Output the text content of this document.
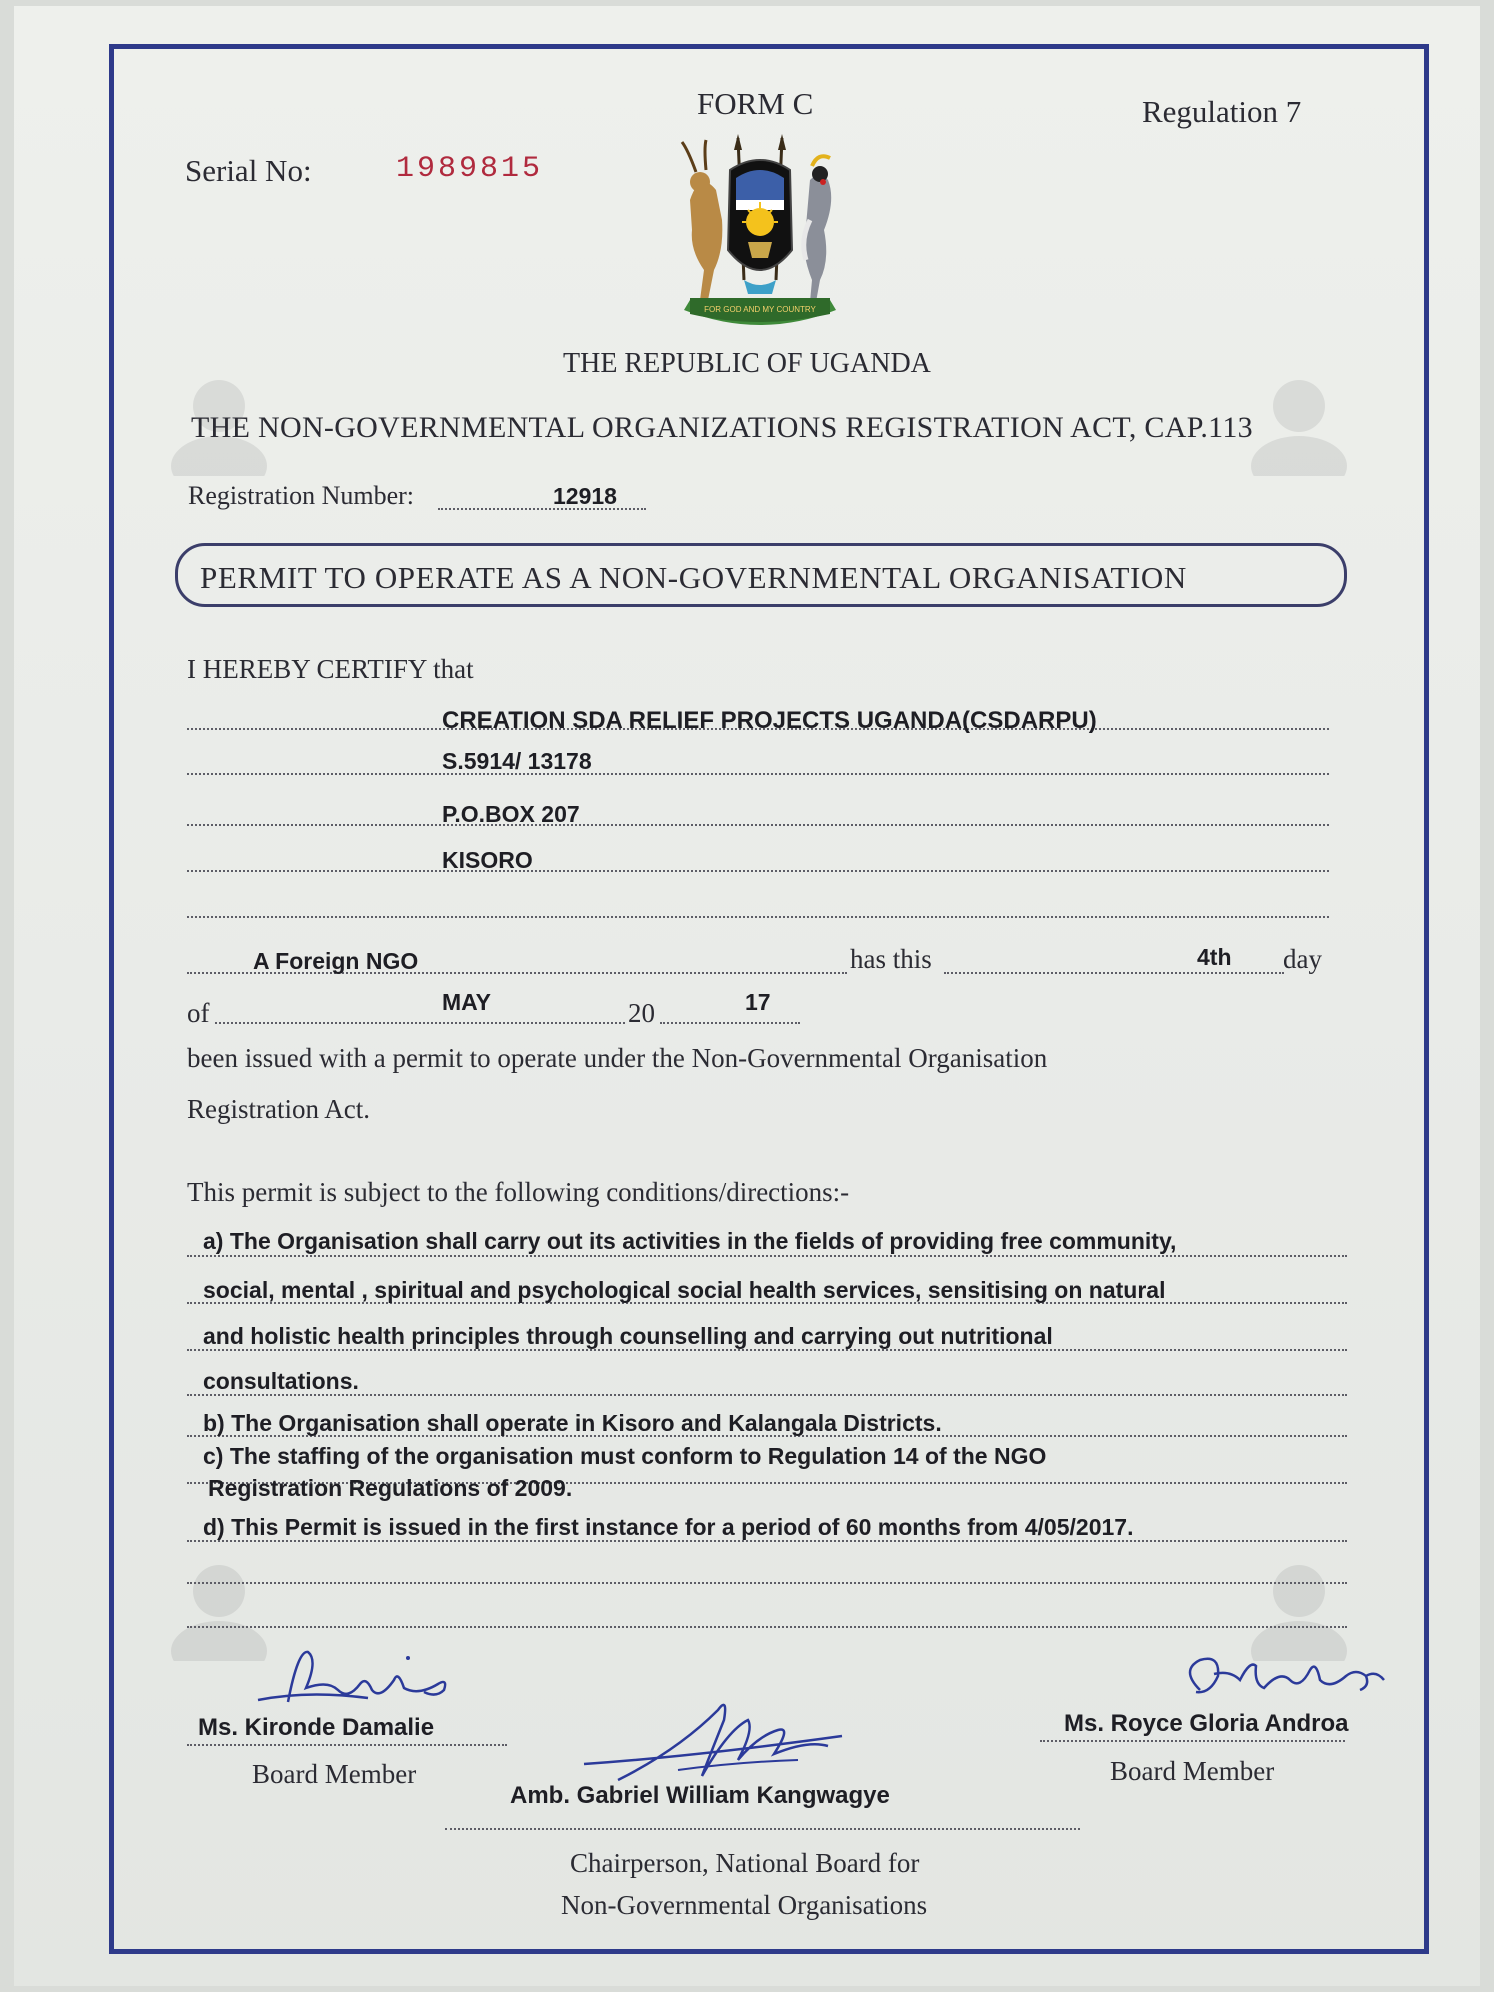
FORM C	Regulation 7
Serial No:	1989815
FOR GOD AND MY COUNTRY
THE REPUBLIC OF UGANDA
THE NON-GOVERNMENTAL ORGANIZATIONS REGISTRATION ACT, CAP.113
Registration Number:	12918
PERMIT TO OPERATE AS A NON-GOVERNMENTAL ORGANISATION
I HEREBY CERTIFY that
CREATION SDA RELIEF PROJECTS UGANDA(CSDARPU)
S.5914/ 13178
P.O.BOX 207
KISORO
A Foreign NGO	has this	4th day
of	MAY	20	17
been issued with a permit to operate under the Non-Governmental Organisation
Registration Act.
This permit is subject to the following conditions/directions:-
a) The Organisation shall carry out its activities in the fields of providing free community,
social, mental , spiritual and psychological social health services, sensitising on natural
and holistic health principles through counselling and carrying out nutritional
consultations.
b) The Organisation shall operate in Kisoro and Kalangala Districts.
c) The staffing of the organisation must conform to Regulation 14 of the NGO
Registration Regulations of 2009.
d) This Permit is issued in the first instance for a period of 60 months from 4/05/2017.
Ms. Kironde Damalie
Board Member
Ms. Royce Gloria Androa
Board Member
Amb. Gabriel William Kangwagye
Chairperson, National Board for
Non-Governmental Organisations
